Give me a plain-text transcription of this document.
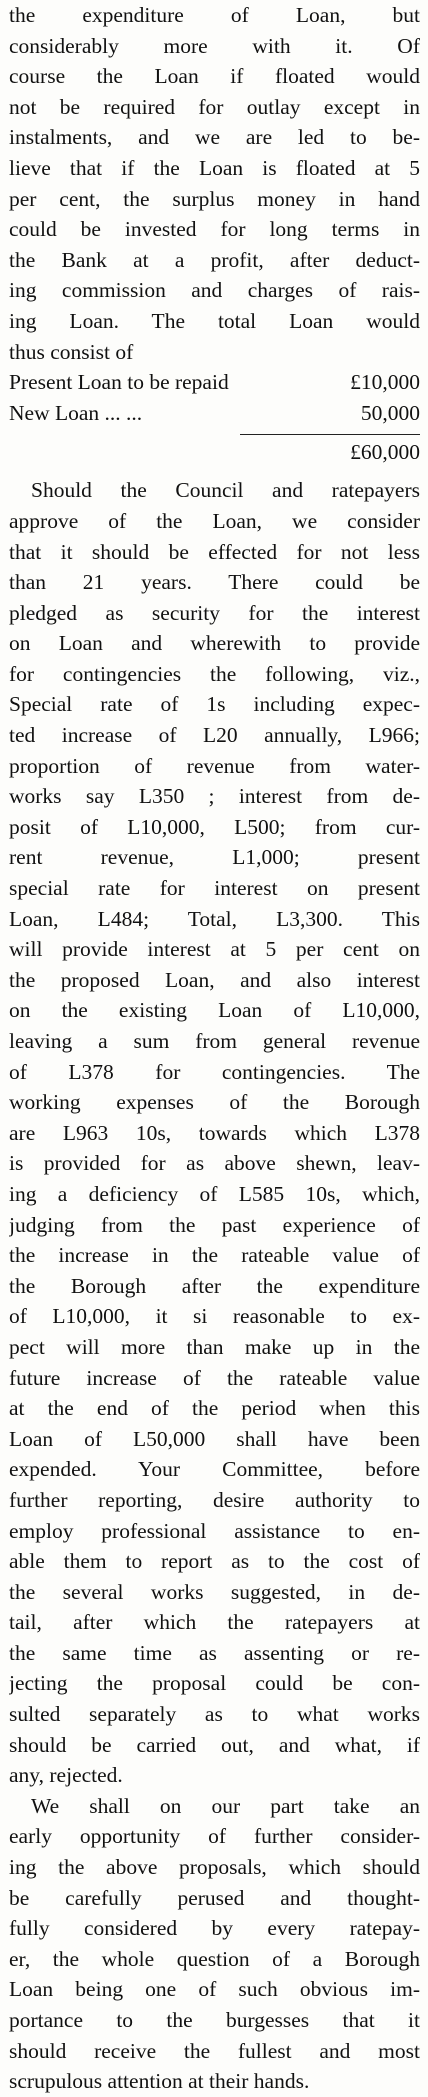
the expenditure of Loan, but
considerably more with it. Of
course the Loan if floated would
not be required for outlay except in
instalments, and we are led to be-
lieve that if the Loan is floated at 5
per cent, the surplus money in hand
could be invested for long terms in
the Bank at a profit, after deduct-
ing commission and charges of rais-
ing Loan. The total Loan would
thus consist of
Present Loan to be repaid	£10,000
New Loan ... ...	50,000
£60,000
Should the Council and ratepayers
approve of the Loan, we consider
that it should be effected for not less
than 21 years. There could be
pledged as security for the interest
on Loan and wherewith to provide
for contingencies the following, viz.,
Special rate of 1s including expec-
ted increase of L20 annually, L966;
proportion of revenue from water-
works say L350 ; interest from de-
posit of L10,000, L500; from cur-
rent revenue, L1,000; present
special rate for interest on present
Loan, L484; Total, L3,300. This
will provide interest at 5 per cent on
the proposed Loan, and also interest
on the existing Loan of L10,000,
leaving a sum from general revenue
of L378 for contingencies. The
working expenses of the Borough
are L963 10s, towards which L378
is provided for as above shewn, leav-
ing a deficiency of L585 10s, which,
judging from the past experience of
the increase in the rateable value of
the Borough after the expenditure
of L10,000, it si reasonable to ex-
pect will more than make up in the
future increase of the rateable value
at the end of the period when this
Loan of L50,000 shall have been
expended. Your Committee, before
further reporting, desire authority to
employ professional assistance to en-
able them to report as to the cost of
the several works suggested, in de-
tail, after which the ratepayers at
the same time as assenting or re-
jecting the proposal could be con-
sulted separately as to what works
should be carried out, and what, if
any, rejected.
We shall on our part take an
early opportunity of further consider-
ing the above proposals, which should
be carefully perused and thought-
fully considered by every ratepay-
er, the whole question of a Borough
Loan being one of such obvious im-
portance to the burgesses that it
should receive the fullest and most
scrupulous attention at their hands.
